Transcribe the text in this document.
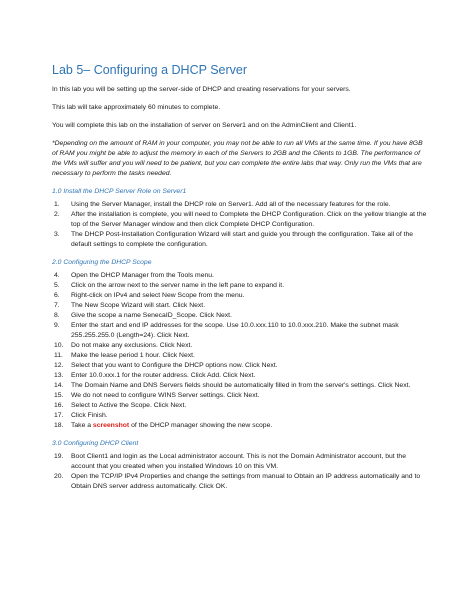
Lab 5– Configuring a DHCP Server

In this lab you will be setting up the server-side of DHCP and creating reservations for your servers.

This lab will take approximately 60 minutes to complete.

You will complete this lab on the installation of server on Server1 and on the AdminClient and Client1.

*Depending on the amount of RAM in your computer, you may not be able to run all VMs at the same time. If you have 8GB of RAM you might be able to adjust the memory in each of the Servers to 2GB and the Clients to 1GB. The performance of the VMs will suffer and you will need to be patient, but you can complete the entire labs that way. Only run the VMs that are necessary to perform the tasks needed.

1.0 Install the DHCP Server Role on Server1
1.	Using the Server Manager, install the DHCP role on Server1. Add all of the necessary features for the role.
2.	After the installation is complete, you will need to Complete the DHCP Configuration. Click on the yellow triangle at the top of the Server Manager window and then click Complete DHCP Configuration.
3.	The DHCP Post-Installation Configuration Wizard will start and guide you through the configuration. Take all of the default settings to complete the configuration.
2.0 Configuring the DHCP Scope
4.	Open the DHCP Manager from the Tools menu.
5.	Click on the arrow next to the server name in the left pane to expand it.
6.	Right-click on IPv4 and select New Scope from the menu.
7.	The New Scope Wizard will start. Click Next.
8.	Give the scope a name SenecaID_Scope. Click Next.
9.	Enter the start and end IP addresses for the scope. Use 10.0.xxx.110 to 10.0.xxx.210. Make the subnet mask 255.255.255.0 (Length=24). Click Next.
10.	Do not make any exclusions. Click Next.
11.	Make the lease period 1 hour. Click Next.
12.	Select that you want to Configure the DHCP options now. Click Next.
13.	Enter 10.0.xxx.1 for the router address. Click Add. Click Next.
14.	The Domain Name and DNS Servers fields should be automatically filled in from the server's settings. Click Next.
15.	We do not need to configure WINS Server settings. Click Next.
16.	Select to Active the Scope. Click Next.
17.	Click Finish.
18.	Take a screenshot of the DHCP manager showing the new scope.
3.0 Configuring DHCP Client
19.	Boot Client1 and login as the Local administrator account. This is not the Domain Administrator account, but the account that you created when you installed Windows 10 on this VM.
20.	Open the TCP/IP IPv4 Properties and change the settings from manual to Obtain an IP address automatically and to Obtain DNS server address automatically. Click OK.
